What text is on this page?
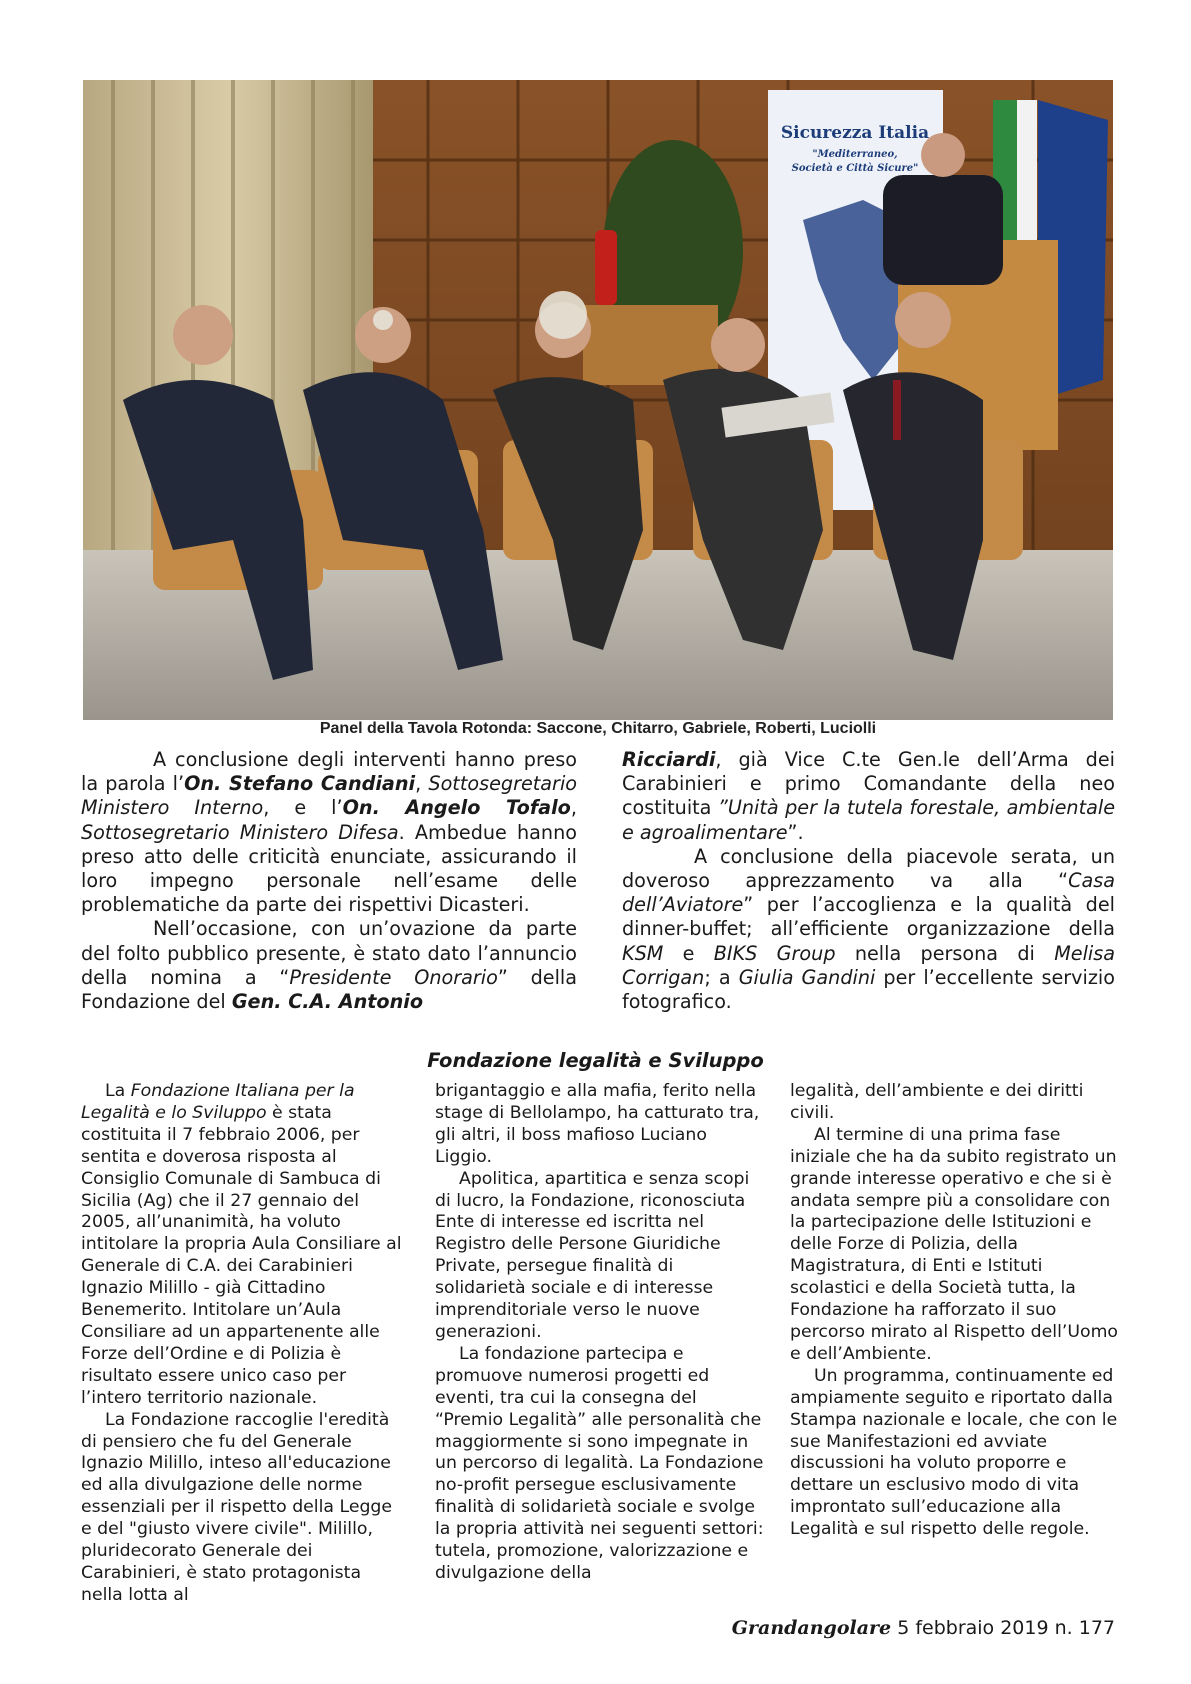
Sicurezza Italia
"Mediterraneo,
Società e Città Sicure"
Panel della Tavola Rotonda: Saccone, Chitarro, Gabriele, Roberti, Luciolli

A conclusione degli interventi hanno preso la parola l’On. Stefano Candiani, Sottosegretario Ministero Interno, e l’On. Angelo Tofalo, Sottosegretario Ministero Difesa. Ambedue hanno preso atto delle criticità enunciate, assicurando il loro impegno personale nell’esame delle problematiche da parte dei rispettivi Dicasteri.

Nell’occasione, con un’ovazione da parte del folto pubblico presente, è stato dato l’annuncio della nomina a “Presidente Onorario” della Fondazione del Gen. C.A. Antonio

Ricciardi, già Vice C.te Gen.le dell’Arma dei Carabinieri e primo Comandante della neo costituita ”Unità per la tutela forestale, ambientale e agroalimentare”.

A conclusione della piacevole serata, un doveroso apprezzamento va alla “Casa dell’Aviatore” per l’accoglienza e la qualità del dinner-buffet; all’efficiente organizzazione della KSM e BIKS Group nella persona di Melisa Corrigan; a Giulia Gandini per l’eccellente servizio fotografico.

Fondazione legalità e Sviluppo

La Fondazione Italiana per la Legalità e lo Sviluppo è stata costituita il 7 febbraio 2006, per sentita e doverosa risposta al Consiglio Comunale di Sambuca di Sicilia (Ag) che il 27 gennaio del 2005, all’unanimità, ha voluto intitolare la propria Aula Consiliare al Generale di C.A. dei Carabinieri Ignazio Milillo - già Cittadino Benemerito. Intitolare un’Aula Consiliare ad un appartenente alle Forze dell’Ordine e di Polizia è risultato essere unico caso per l’intero territorio nazionale.

La Fondazione raccoglie l'eredità di pensiero che fu del Generale Ignazio Milillo, inteso all'educazione ed alla divulgazione delle norme essenziali per il rispetto della Legge e del "giusto vivere civile". Milillo, pluridecorato Generale dei Carabinieri, è stato protagonista nella lotta al

brigantaggio e alla mafia, ferito nella stage di Bellolampo, ha catturato tra, gli altri, il boss mafioso Luciano Liggio.

Apolitica, apartitica e senza scopi di lucro, la Fondazione, riconosciuta Ente di interesse ed iscritta nel Registro delle Persone Giuridiche Private, persegue finalità di solidarietà sociale e di interesse imprenditoriale verso le nuove generazioni.

La fondazione partecipa e promuove numerosi progetti ed eventi, tra cui la consegna del “Premio Legalità” alle personalità che maggiormente si sono impegnate in un percorso di legalità. La Fondazione no-profit persegue esclusivamente finalità di solidarietà sociale e svolge la propria attività nei seguenti settori: tutela, promozione, valorizzazione e divulgazione della

legalità, dell’ambiente e dei diritti civili.

Al termine di una prima fase iniziale che ha da subito registrato un grande interesse operativo e che si è andata sempre più a consolidare con la partecipazione delle Istituzioni e delle Forze di Polizia, della Magistratura, di Enti e Istituti scolastici e della Società tutta, la Fondazione ha rafforzato il suo percorso mirato al Rispetto dell’Uomo e dell’Ambiente.

Un programma, continuamente ed ampiamente seguito e riportato dalla Stampa nazionale e locale, che con le sue Manifestazioni ed avviate discussioni ha voluto proporre e dettare un esclusivo modo di vita improntato sull’educazione alla Legalità e sul rispetto delle regole.

Grandangolare 5 febbraio 2019 n. 177
